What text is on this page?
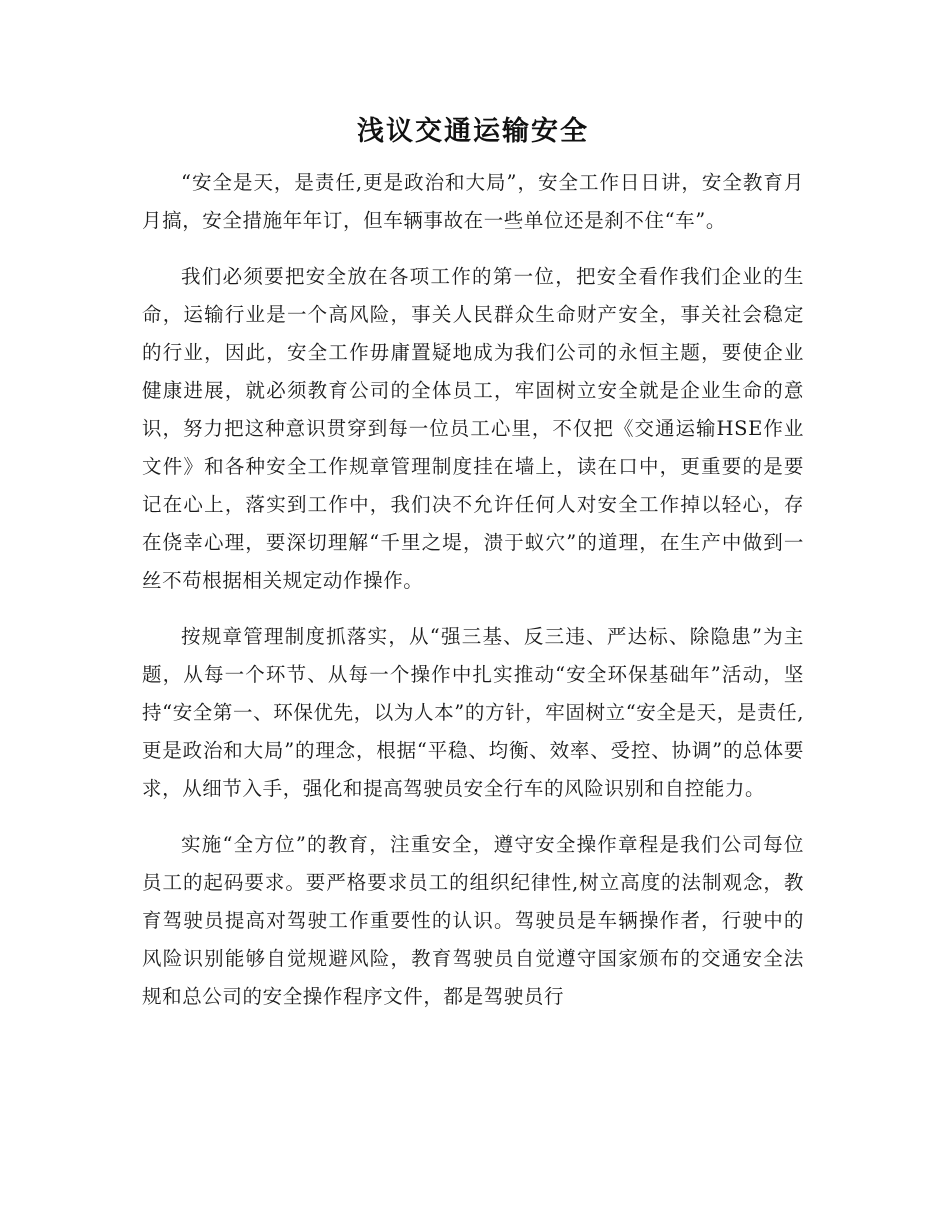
浅议交通运输安全

“安全是天，是责任,更是政治和大局”，安全工作日日讲，安全教育月月搞，安全措施年年订，但车辆事故在一些单位还是刹不住“车”。

我们必须要把安全放在各项工作的第一位，把安全看作我们企业的生命，运输行业是一个高风险，事关人民群众生命财产安全，事关社会稳定的行业，因此，安全工作毋庸置疑地成为我们公司的永恒主题，要使企业健康进展，就必须教育公司的全体员工，牢固树立安全就是企业生命的意识，努力把这种意识贯穿到每一位员工心里，不仅把《交通运输HSE作业文件》和各种安全工作规章管理制度挂在墙上，读在口中，更重要的是要记在心上，落实到工作中，我们决不允许任何人对安全工作掉以轻心，存在侥幸心理，要深切理解“千里之堤，溃于蚁穴”的道理，在生产中做到一丝不苟根据相关规定动作操作。

按规章管理制度抓落实，从“强三基、反三违、严达标、除隐患”为主题，从每一个环节、从每一个操作中扎实推动“安全环保基础年”活动，坚持“安全第一、环保优先，以为人本”的方针，牢固树立“安全是天，是责任,更是政治和大局”的理念，根据“平稳、均衡、效率、受控、协调”的总体要求，从细节入手，强化和提高驾驶员安全行车的风险识别和自控能力。

实施“全方位”的教育，注重安全，遵守安全操作章程是我们公司每位员工的起码要求。要严格要求员工的组织纪律性,树立高度的法制观念，教育驾驶员提高对驾驶工作重要性的认识。驾驶员是车辆操作者，行驶中的风险识别能够自觉规避风险，教育驾驶员自觉遵守国家颁布的交通安全法规和总公司的安全操作程序文件，都是驾驶员行
